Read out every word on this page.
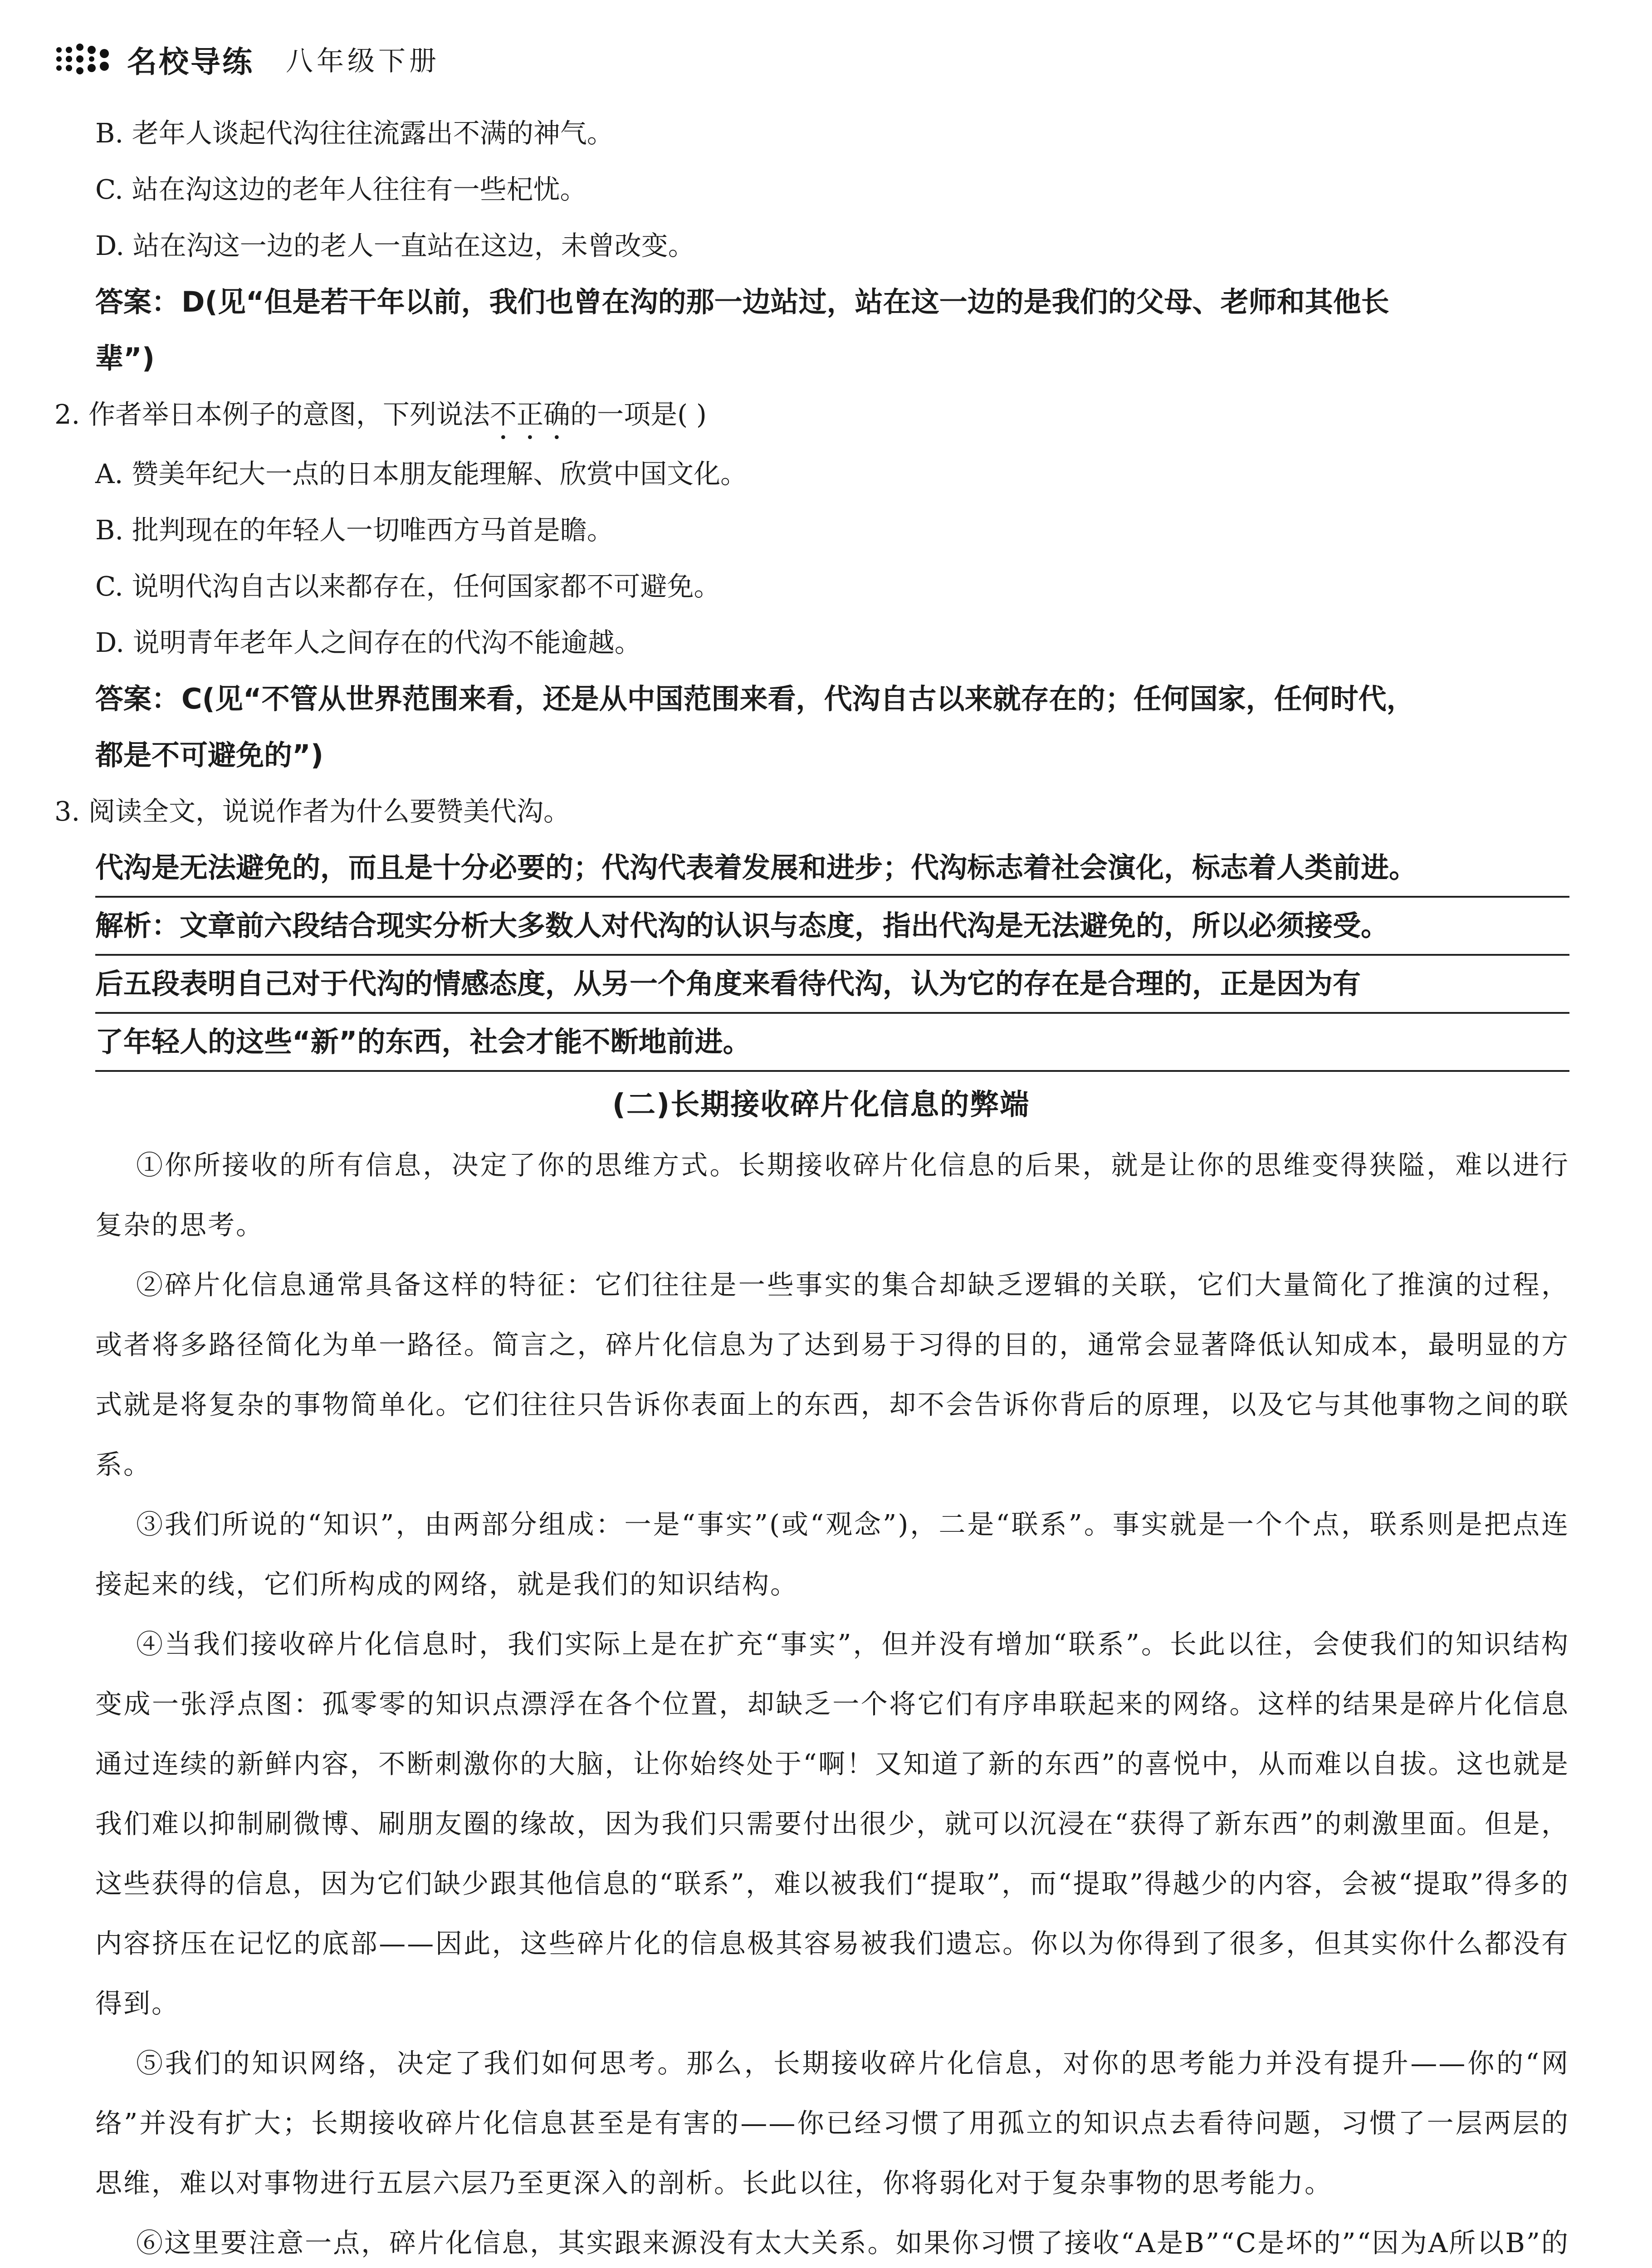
名校导练 八年级下册
B. 老年人谈起代沟往往流露出不满的神气。
C. 站在沟这边的老年人往往有一些杞忧。
D. 站在沟这一边的老人一直站在这边，未曾改变。
答案：D(见“但是若干年以前，我们也曾在沟的那一边站过，站在这一边的是我们的父母、老师和其他长
辈”)
2. 作者举日本例子的意图，下列说法不正确的一项是( )
A. 赞美年纪大一点的日本朋友能理解、欣赏中国文化。
B. 批判现在的年轻人一切唯西方马首是瞻。
C. 说明代沟自古以来都存在，任何国家都不可避免。
D. 说明青年老年人之间存在的代沟不能逾越。
答案：C(见“不管从世界范围来看，还是从中国范围来看，代沟自古以来就存在的；任何国家，任何时代，
都是不可避免的”)
3. 阅读全文，说说作者为什么要赞美代沟。
代沟是无法避免的，而且是十分必要的；代沟代表着发展和进步；代沟标志着社会演化，标志着人类前进。
解析：文章前六段结合现实分析大多数人对代沟的认识与态度，指出代沟是无法避免的，所以必须接受。
后五段表明自己对于代沟的情感态度，从另一个角度来看待代沟，认为它的存在是合理的，正是因为有
了年轻人的这些“新”的东西，社会才能不断地前进。
(二)长期接收碎片化信息的弊端
①你所接收的所有信息，决定了你的思维方式。长期接收碎片化信息的后果，就是让你的思维变得狭隘，难以进行复杂的思考。
②碎片化信息通常具备这样的特征：它们往往是一些事实的集合却缺乏逻辑的关联，它们大量简化了推演的过程，或者将多路径简化为单一路径。简言之，碎片化信息为了达到易于习得的目的，通常会显著降低认知成本，最明显的方式就是将复杂的事物简单化。它们往往只告诉你表面上的东西，却不会告诉你背后的原理，以及它与其他事物之间的联系。
③我们所说的“知识”，由两部分组成：一是“事实”(或“观念”)，二是“联系”。事实就是一个个点，联系则是把点连接起来的线，它们所构成的网络，就是我们的知识结构。
④当我们接收碎片化信息时，我们实际上是在扩充“事实”，但并没有增加“联系”。长此以往，会使我们的知识结构变成一张浮点图：孤零零的知识点漂浮在各个位置，却缺乏一个将它们有序串联起来的网络。这样的结果是碎片化信息通过连续的新鲜内容，不断刺激你的大脑，让你始终处于“啊！又知道了新的东西”的喜悦中，从而难以自拔。这也就是我们难以抑制刷微博、刷朋友圈的缘故，因为我们只需要付出很少，就可以沉浸在“获得了新东西”的刺激里面。但是，这些获得的信息，因为它们缺少跟其他信息的“联系”，难以被我们“提取”，而“提取”得越少的内容，会被“提取”得多的内容挤压在记忆的底部——因此，这些碎片化的信息极其容易被我们遗忘。你以为你得到了很多，但其实你什么都没有得到。
⑤我们的知识网络，决定了我们如何思考。那么，长期接收碎片化信息，对你的思考能力并没有提升——你的“网络”并没有扩大；长期接收碎片化信息甚至是有害的——你已经习惯了用孤立的知识点去看待问题，习惯了一层两层的思维，难以对事物进行五层六层乃至更深入的剖析。长此以往，你将弱化对于复杂事物的思考能力。
⑥这里要注意一点，碎片化信息，其实跟来源没有太大关系。如果你习惯了接收“A是B”“C是坏的”“因为A所以B”的
